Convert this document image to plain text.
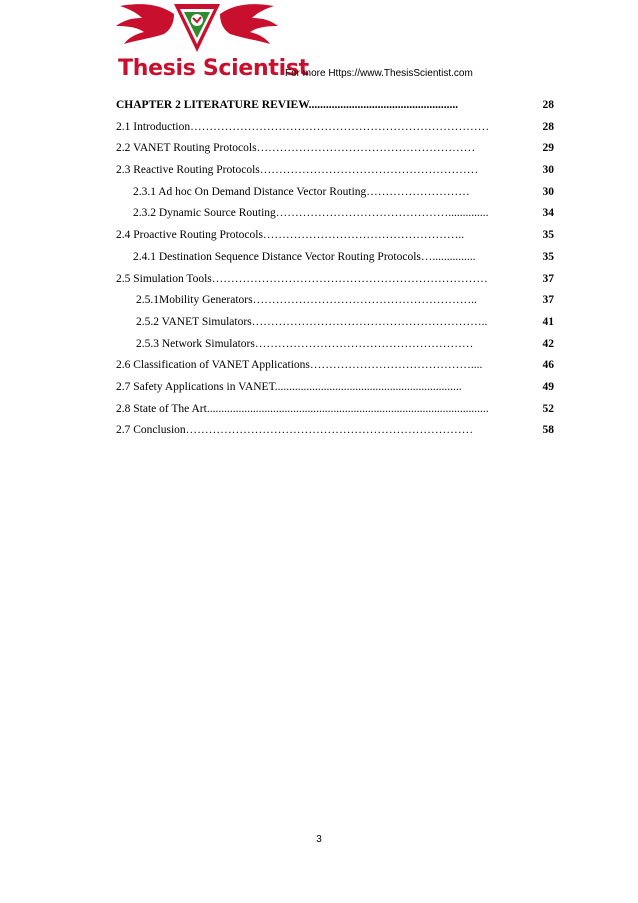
Thesis Scientist
For more Https://www.ThesisScientist.com
CHAPTER 2 LITERATURE REVIEW....................................................	28
2.1 Introduction……………………………………………………………………	28
2.2 VANET Routing Protocols…………………………………………………	29
2.3 Reactive Routing Protocols…………………………………………………	30
2.3.1 Ad hoc On Demand Distance Vector Routing………………………	30
2.3.2 Dynamic Source Routing………………………………………..............	34
2.4 Proactive Routing Protocols……………………………………………..	35
2.4.1 Destination Sequence Distance Vector Routing Protocols…...............	35
2.5 Simulation Tools………………………………………………………………	37
2.5.1Mobility Generators…………………………………………………..	37
2.5.2 VANET Simulators……………………………………………………..	41
2.5.3 Network Simulators…………………………………………………	42
2.6 Classification of VANET Applications……………………………………....	46
2.7 Safety Applications in VANET.................................................................	49
2.8 State of The Art..................................................................................................	52
2.7 Conclusion…………………………………………………………………	58
3
